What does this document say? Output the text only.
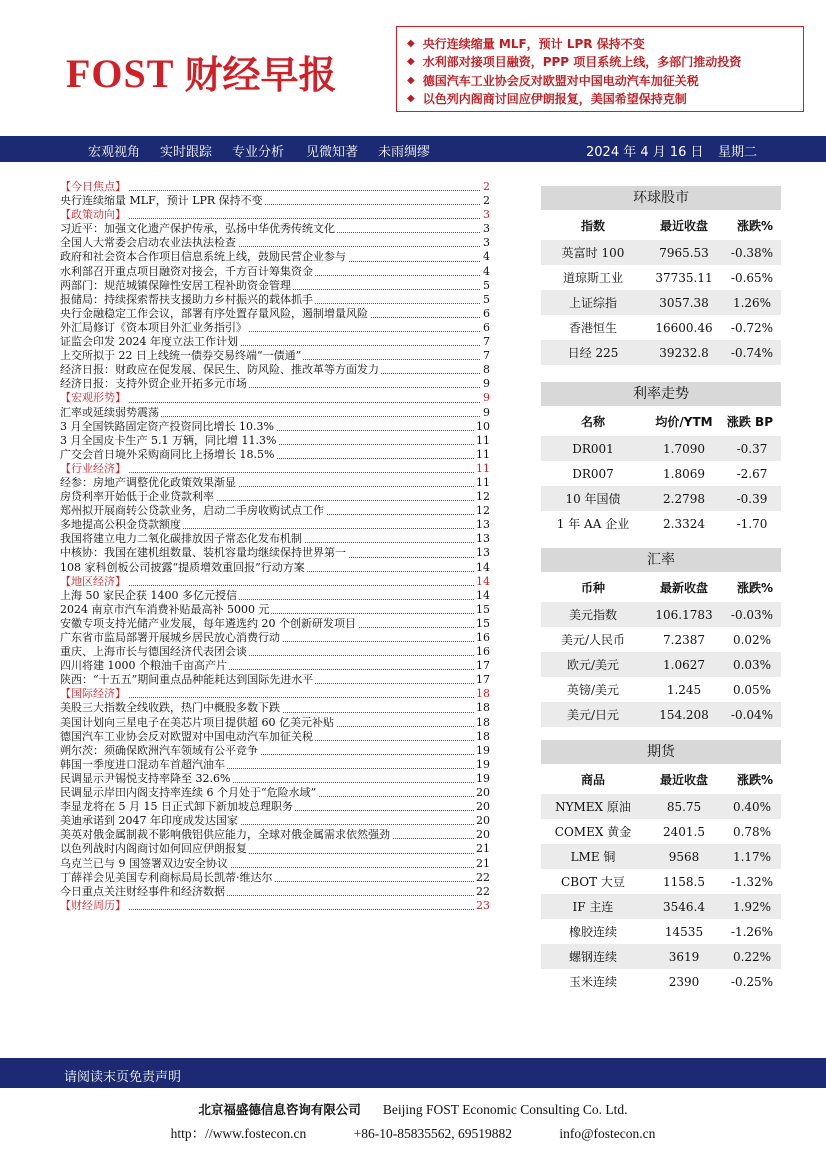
FOST 财经早报
◆ 央行连续缩量 MLF，预计 LPR 保持不变
◆ 水利部对接项目融资，PPP 项目系统上线，多部门推动投资
◆ 德国汽车工业协会反对欧盟对中国电动汽车加征关税
◆ 以色列内阁商讨回应伊朗报复，美国希望保持克制
宏观视角 实时跟踪 专业分析 见微知著 未雨绸缪	2024 年 4 月 16 日 星期二
【今日焦点】	2
央行连续缩量 MLF，预计 LPR 保持不变	2
【政策动向】	3
习近平：加强文化遗产保护传承，弘扬中华优秀传统文化	3
全国人大常委会启动农业法执法检查	3
政府和社会资本合作项目信息系统上线，鼓励民营企业参与	4
水利部召开重点项目融资对接会，千方百计筹集资金	4
两部门：规范城镇保障性安居工程补助资金管理	5
报储局：持续探索帮扶支援助力乡村振兴的载体抓手	5
央行金融稳定工作会议，部署有序处置存量风险，遏制增量风险	6
外汇局修订《资本项目外汇业务指引》	6
证监会印发 2024 年度立法工作计划	7
上交所拟于 22 日上线统一债券交易终端“一债通”	7
经济日报：财政应在促发展、保民生、防风险、推改革等方面发力	8
经济日报：支持外贸企业开拓多元市场	9
【宏观形势】	9
汇率或延续弱势震荡	9
3 月全国铁路固定资产投资同比增长 10.3%	10
3 月全国皮卡生产 5.1 万辆，同比增 11.3%	11
广交会首日境外采购商同比上扬增长 18.5%	11
【行业经济】	11
经参：房地产调整优化政策效果渐显	11
房贷利率开始低于企业贷款利率	12
郑州拟开展商转公贷款业务，启动二手房收购试点工作	12
多地提高公积金贷款额度	13
我国将建立电力二氧化碳排放因子常态化发布机制	13
中核协：我国在建机组数量、装机容量均继续保持世界第一	13
108 家科创板公司披露“提质增效重回报”行动方案	14
【地区经济】	14
上海 50 家民企获 1400 多亿元授信	14
2024 南京市汽车消费补贴最高补 5000 元	15
安徽专项支持光储产业发展，每年遴选约 20 个创新研发项目	15
广东省市监局部署开展城乡居民放心消费行动	16
重庆、上海市长与德国经济代表团会谈	16
四川将建 1000 个粮油千亩高产片	17
陕西：“十五五”期间重点品种能耗达到国际先进水平	17
【国际经济】	18
美股三大指数全线收跌，热门中概股多数下跌	18
美国计划向三星电子在美芯片项目提供超 60 亿美元补贴	18
德国汽车工业协会反对欧盟对中国电动汽车加征关税	18
朔尔茨：须确保欧洲汽车领域有公平竞争	19
韩国一季度进口混动车首超汽油车	19
民调显示尹锡悦支持率降至 32.6%	19
民调显示岸田内阁支持率连续 6 个月处于“危险水域”	20
李显龙将在 5 月 15 日正式卸下新加坡总理职务	20
美迪承诺到 2047 年印度成发达国家	20
美英对俄金属制裁不影响俄铝供应能力，全球对俄金属需求依然强劲	20
以色列战时内阁商讨如何回应伊朗报复	21
乌克兰已与 9 国签署双边安全协议	21
丁薛祥会见美国专利商标局局长凯蒂·维达尔	22
今日重点关注财经事件和经济数据	22
【财经周历】	23
环球股市
指数	最近收盘	涨跌%
英富时 100	7965.53	-0.38%
道琼斯工业	37735.11	-0.65%
上证综指	3057.38	1.26%
香港恒生	16600.46	-0.72%
日经 225	39232.8	-0.74%
利率走势
名称	均价/YTM	涨跌 BP
DR001	1.7090	-0.37
DR007	1.8069	-2.67
10 年国债	2.2798	-0.39
1 年 AA 企业	2.3324	-1.70
汇率
币种	最新收盘	涨跌%
美元指数	106.1783	-0.03%
美元/人民币	7.2387	0.02%
欧元/美元	1.0627	0.03%
英镑/美元	1.245	0.05%
美元/日元	154.208	-0.04%
期货
商品	最近收盘	涨跌%
NYMEX 原油	85.75	0.40%
COMEX 黄金	2401.5	0.78%
LME 铜	9568	1.17%
CBOT 大豆	1158.5	-1.32%
IF 主连	3546.4	1.92%
橡胶连续	14535	-1.26%
螺钢连续	3619	0.22%
玉米连续	2390	-0.25%
请阅读末页免责声明
北京福盛德信息咨询有限公司 Beijing FOST Economic Consulting Co. Ltd.
http：//www.fostecon.cn	+86-10-85835562, 69519882	info@fostecon.cn
